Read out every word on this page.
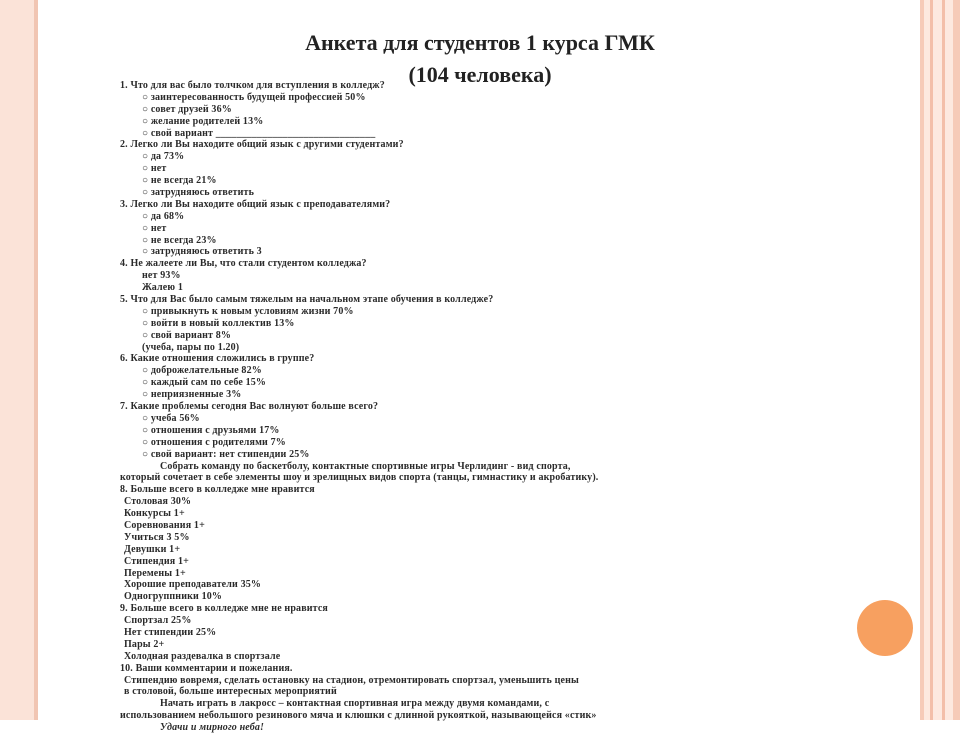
Анкета для студентов 1 курса ГМК
(104 человека)
1. Что для вас было толчком для вступления в колледж?
○ заинтересованность будущей профессией 50%
○ совет друзей 36%
○ желание родителей 13%
○ свой вариант _______________________________
2. Легко ли Вы находите общий язык с другими студентами?
○ да 73%
○ нет
○ не всегда 21%
○ затрудняюсь ответить
3. Легко ли Вы находите общий язык с преподавателями?
○ да 68%
○ нет
○ не всегда 23%
○ затрудняюсь ответить 3
4. Не жалеете ли Вы, что стали студентом колледжа?
нет 93%
Жалею 1
5. Что для Вас было самым тяжелым на начальном этапе обучения в колледже?
○ привыкнуть к новым условиям жизни 70%
○ войти в новый коллектив 13%
○ свой вариант 8%
(учеба, пары по 1.20)
6. Какие отношения сложились в группе?
○ доброжелательные 82%
○ каждый сам по себе 15%
○ неприязненные 3%
7. Какие проблемы сегодня Вас волнуют больше всего?
○ учеба 56%
○ отношения с друзьями 17%
○ отношения с родителями 7%
○ свой вариант: нет стипендии 25%
Собрать команду по баскетболу, контактные спортивные игры Черлидинг - вид спорта,
который сочетает в себе элементы шоу и зрелищных видов спорта (танцы, гимнастику и акробатику).
8. Больше всего в колледже мне нравится
Столовая 30%
Конкурсы 1+
Соревнования 1+
Учиться 3 5%
Девушки 1+
Стипендия 1+
Перемены 1+
Хорошие преподаватели 35%
Одногруппники 10%
9. Больше всего в колледже мне не нравится
Спортзал 25%
Нет стипендии 25%
Пары 2+
Холодная раздевалка в спортзале
10. Ваши комментарии и пожелания.
Стипендию вовремя, сделать остановку на стадион, отремонтировать спортзал, уменьшить цены
в столовой, больше интересных мероприятий
Начать играть в лакросс – контактная спортивная игра между двумя командами, с
использованием небольшого резинового мяча и клюшки с длинной рукояткой, называющейся «стик»
Удачи и мирного неба!
